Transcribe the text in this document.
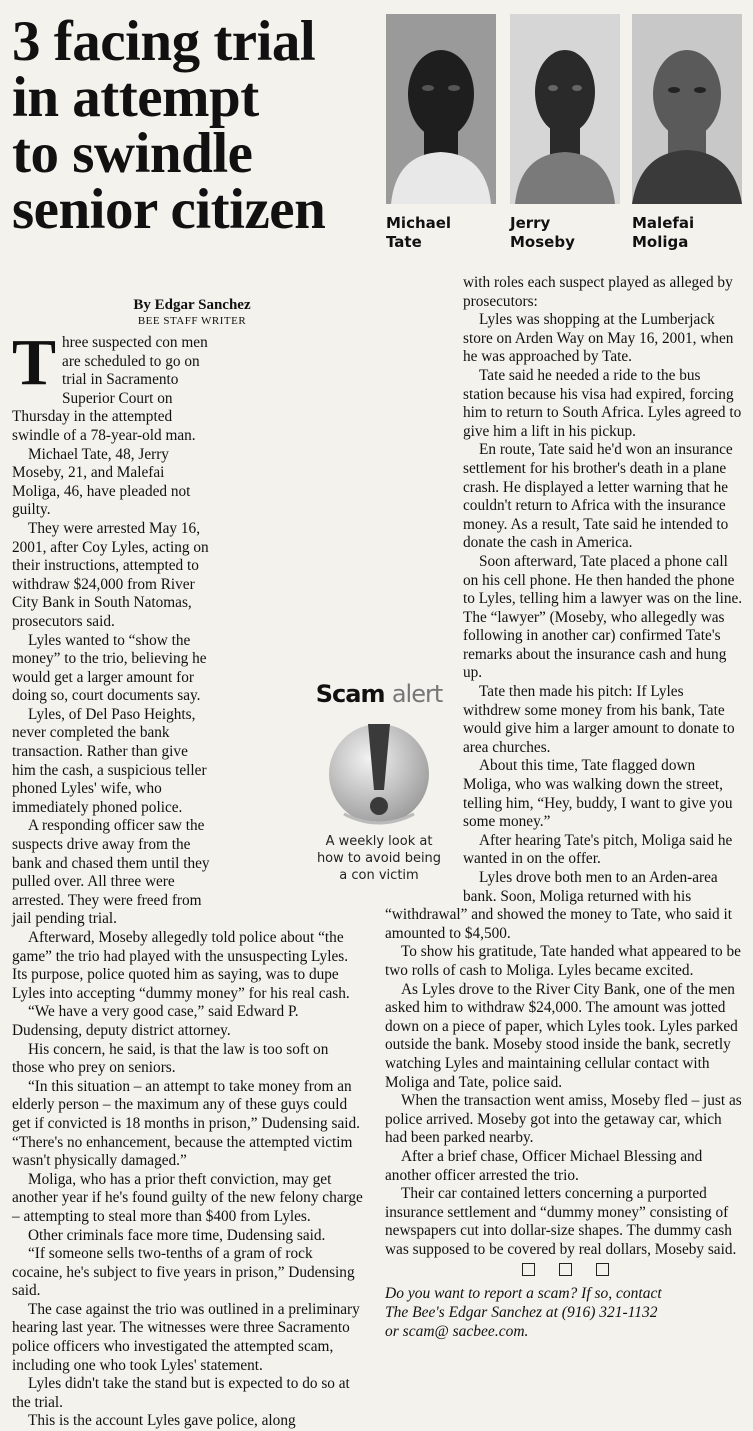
3 facing trial
in attempt
to swindle
senior citizen	Michael
Tate
Jerry
Moseby
Malefai
Moliga
By Edgar Sanchez
BEE STAFF WRITER

Three suspected con men are scheduled to go on trial in Sacramento Superior Court on Thursday in the attempted swindle of a 78-year-old man.

Michael Tate, 48, Jerry Moseby, 21, and Malefai Moliga, 46, have pleaded not guilty.

They were arrested May 16, 2001, after Coy Lyles, acting on their instructions, attempted to withdraw $24,000 from River City Bank in South Natomas, prosecutors said.

Lyles wanted to “show the money” to the trio, believing he would get a larger amount for doing so, court documents say.

Lyles, of Del Paso Heights, never completed the bank transaction. Rather than give him the cash, a suspicious teller phoned Lyles' wife, who immediately phoned police.

A responding officer saw the suspects drive away from the bank and chased them until they pulled over. All three were arrested. They were freed from jail pending trial.

Afterward, Moseby allegedly told police about “the game” the trio had played with the unsuspecting Lyles. Its purpose, police quoted him as saying, was to dupe Lyles into accepting “dummy money” for his real cash.

“We have a very good case,” said Edward P. Dudensing, deputy district attorney.

His concern, he said, is that the law is too soft on those who prey on seniors.

“In this situation – an attempt to take money from an elderly person – the maximum any of these guys could get if convicted is 18 months in prison,” Dudensing said. “There's no enhancement, because the attempted victim wasn't physically damaged.”

Moliga, who has a prior theft conviction, may get another year if he's found guilty of the new felony charge – attempting to steal more than $400 from Lyles.

Other criminals face more time, Dudensing said.

“If someone sells two-tenths of a gram of rock cocaine, he's subject to five years in prison,” Dudensing said.

The case against the trio was outlined in a preliminary hearing last year. The witnesses were three Sacramento police officers who investigated the attempted scam, including one who took Lyles' statement.

Lyles didn't take the stand but is expected to do so at the trial.

This is the account Lyles gave police, along

with roles each suspect played as alleged by prosecutors:

Lyles was shopping at the Lumberjack store on Arden Way on May 16, 2001, when he was approached by Tate.

Tate said he needed a ride to the bus station because his visa had expired, forcing him to return to South Africa. Lyles agreed to give him a lift in his pickup.

En route, Tate said he'd won an insurance settlement for his brother's death in a plane crash. He displayed a letter warning that he couldn't return to Africa with the insurance money. As a result, Tate said he intended to donate the cash in America.

Soon afterward, Tate placed a phone call on his cell phone. He then handed the phone to Lyles, telling him a lawyer was on the line. The “lawyer” (Moseby, who allegedly was following in another car) confirmed Tate's remarks about the insurance cash and hung up.

Tate then made his pitch: If Lyles withdrew some money from his bank, Tate would give him a larger amount to donate to area churches.

About this time, Tate flagged down Moliga, who was walking down the street, telling him, “Hey, buddy, I want to give you some money.”

After hearing Tate's pitch, Moliga said he wanted in on the offer.

Lyles drove both men to an Arden-area bank. Soon, Moliga returned with his “withdrawal” and showed the money to Tate, who said it amounted to $4,500.

To show his gratitude, Tate handed what appeared to be two rolls of cash to Moliga. Lyles became excited.

As Lyles drove to the River City Bank, one of the men asked him to withdraw $24,000. The amount was jotted down on a piece of paper, which Lyles took. Lyles parked outside the bank. Moseby stood inside the bank, secretly watching Lyles and maintaining cellular contact with Moliga and Tate, police said.

When the transaction went amiss, Moseby fled – just as police arrived. Moseby got into the getaway car, which had been parked nearby.

After a brief chase, Officer Michael Blessing and another officer arrested the trio.

Their car contained letters concerning a purported insurance settlement and “dummy money” consisting of newspapers cut into dollar-size shapes. The dummy cash was supposed to be covered by real dollars, Moseby said.

Do you want to report a scam? If so, contact
The Bee's Edgar Sanchez at (916) 321-1132
or scam@ sacbee.com.
Scam alert
A weekly look at
how to avoid being
a con victim
